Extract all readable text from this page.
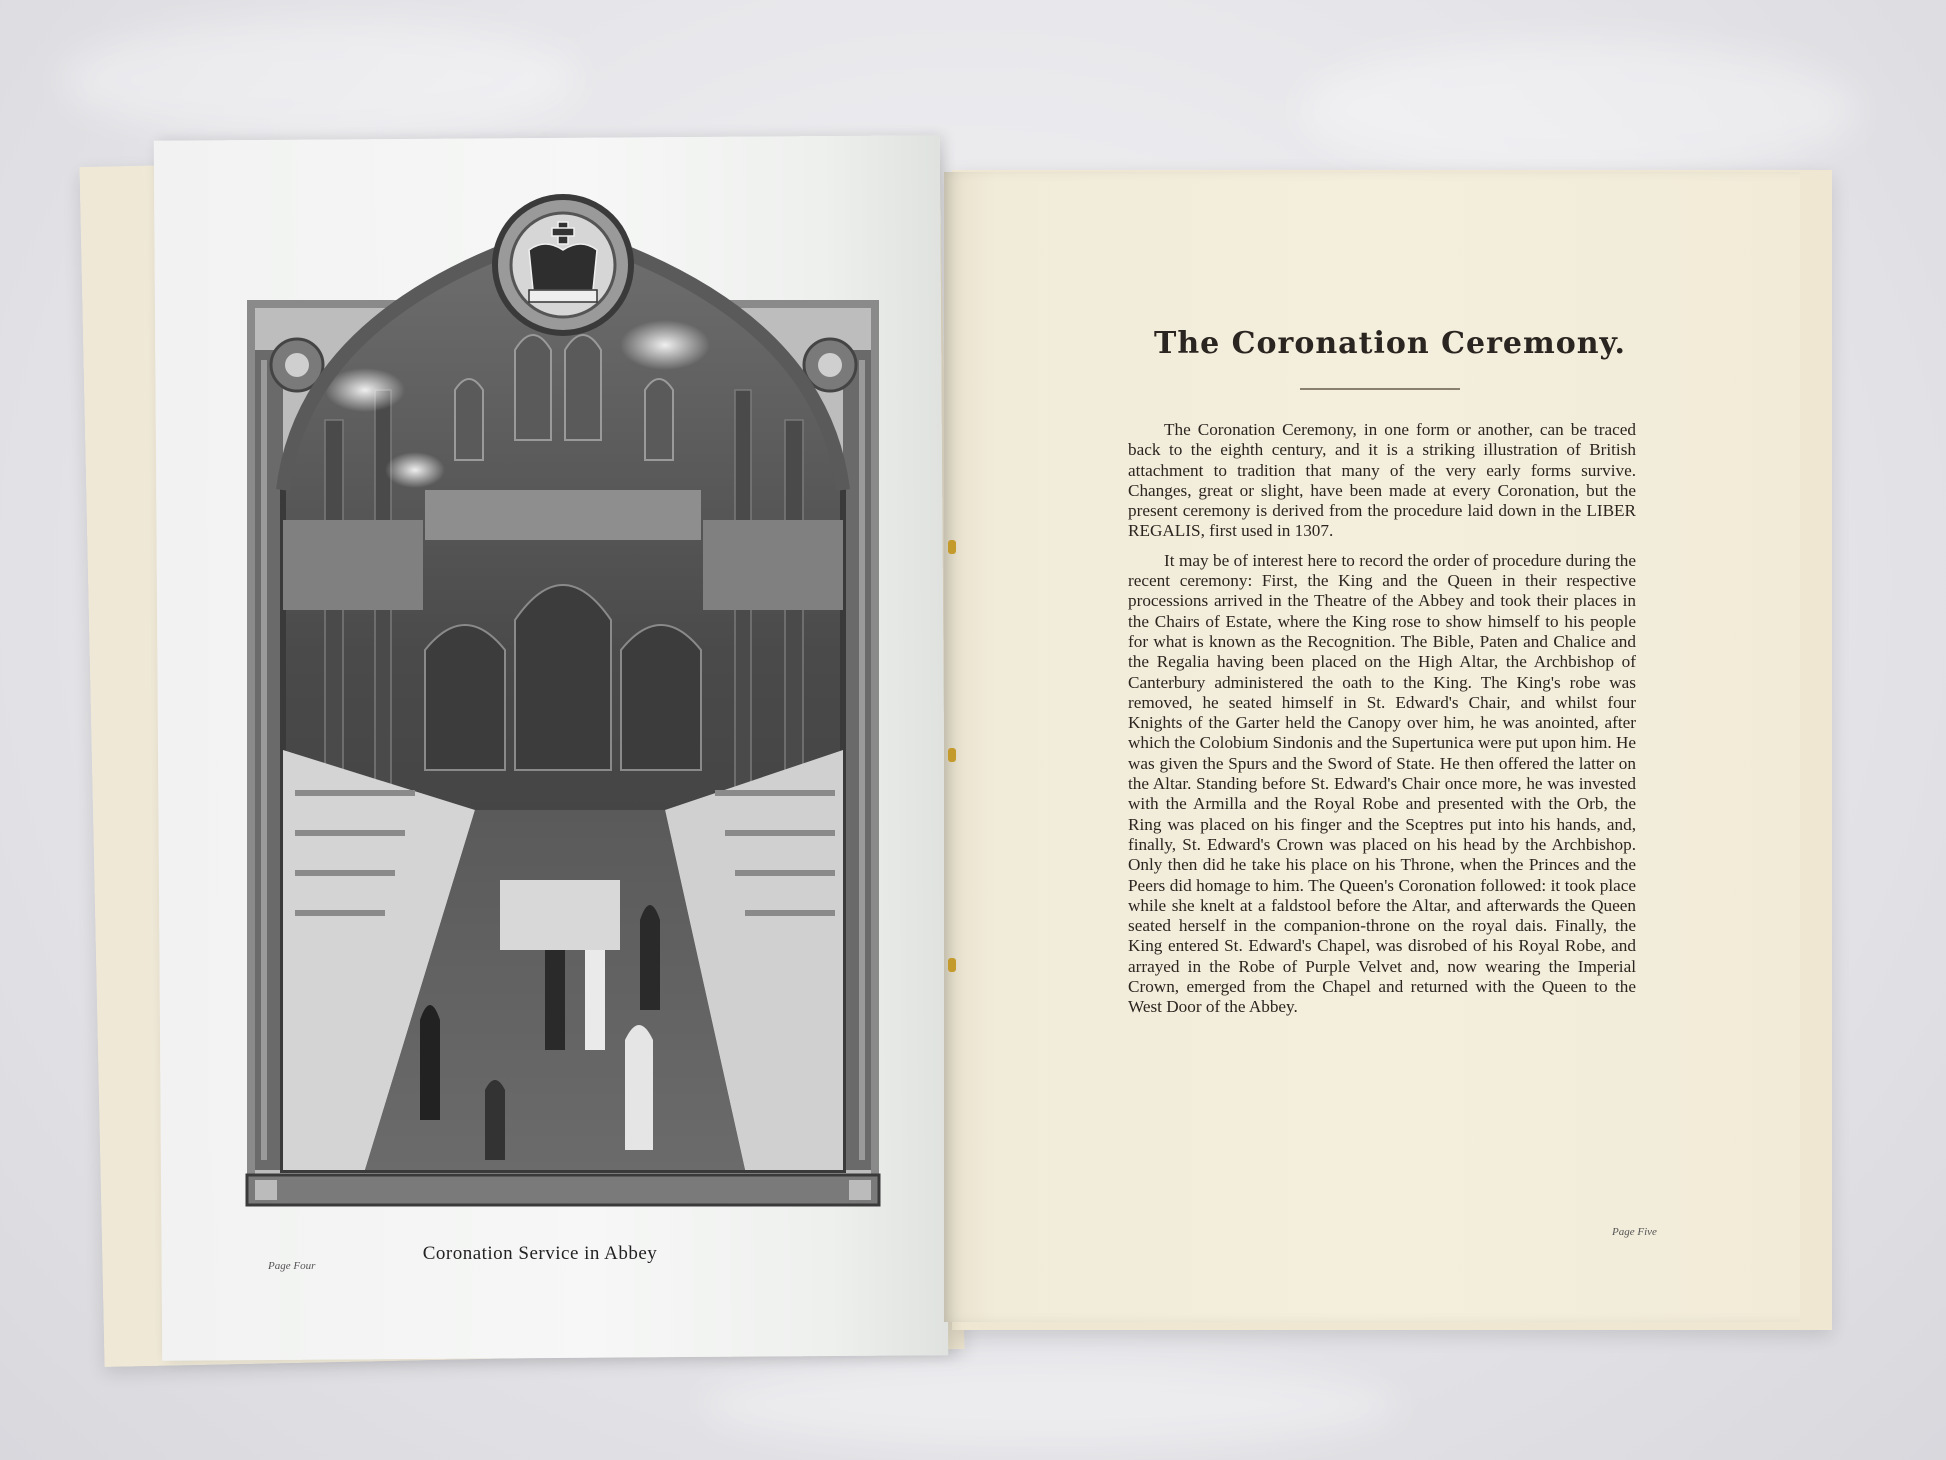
Coronation Service in Abbey
Page Four
The Coronation Ceremony.

The Coronation Ceremony, in one form or another, can be traced back to the eighth century, and it is a striking illustration of British attachment to tradition that many of the very early forms survive. Changes, great or slight, have been made at every Coronation, but the present ceremony is derived from the procedure laid down in the LIBER REGALIS, first used in 1307.

It may be of interest here to record the order of procedure during the recent ceremony: First, the King and the Queen in their respective processions arrived in the Theatre of the Abbey and took their places in the Chairs of Estate, where the King rose to show himself to his people for what is known as the Recognition. The Bible, Paten and Chalice and the Regalia having been placed on the High Altar, the Archbishop of Canterbury administered the oath to the King. The King's robe was removed, he seated himself in St. Edward's Chair, and whilst four Knights of the Garter held the Canopy over him, he was anointed, after which the Colobium Sindonis and the Supertunica were put upon him. He was given the Spurs and the Sword of State. He then offered the latter on the Altar. Standing before St. Edward's Chair once more, he was invested with the Armilla and the Royal Robe and presented with the Orb, the Ring was placed on his finger and the Sceptres put into his hands, and, finally, St. Edward's Crown was placed on his head by the Archbishop. Only then did he take his place on his Throne, when the Princes and the Peers did homage to him. The Queen's Coronation followed: it took place while she knelt at a faldstool before the Altar, and afterwards the Queen seated herself in the companion-throne on the royal dais. Finally, the King entered St. Edward's Chapel, was disrobed of his Royal Robe, and arrayed in the Robe of Purple Velvet and, now wearing the Imperial Crown, emerged from the Chapel and returned with the Queen to the West Door of the Abbey.

Page Five
